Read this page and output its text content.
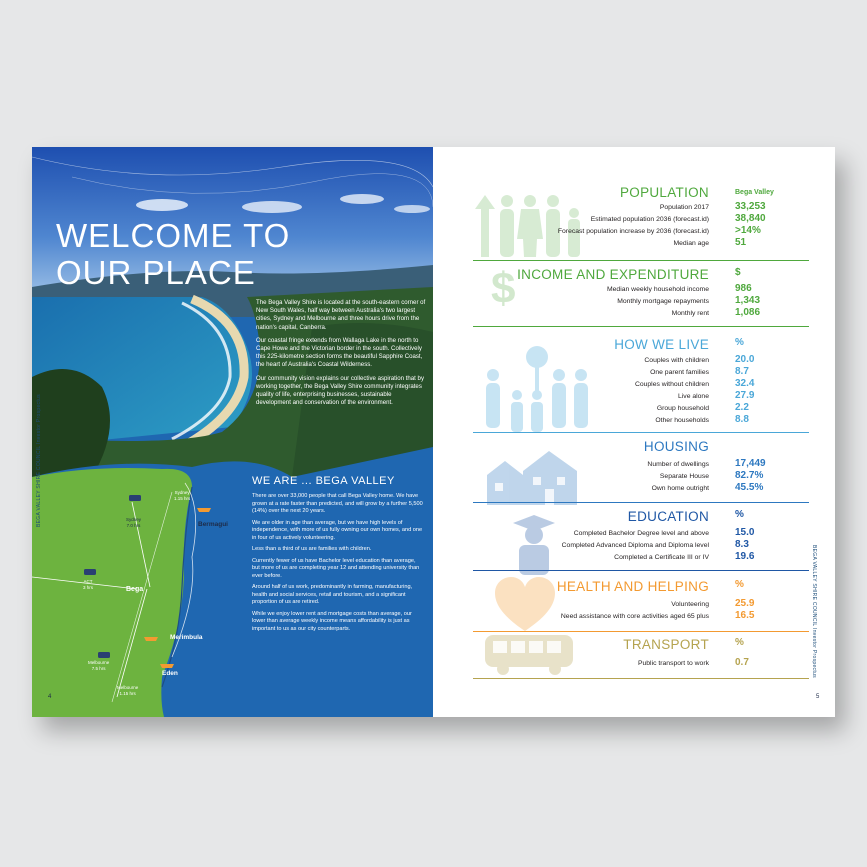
WELCOME TO
OUR PLACE

The Bega Valley Shire is located at the south-eastern corner of New South Wales, half way between Australia's two largest cities, Sydney and Melbourne and three hours drive from the nation's capital, Canberra.

Our coastal fringe extends from Wallaga Lake in the north to Cape Howe and the Victorian border in the south. Collectively this 225-kilometre section forms the beautiful Sapphire Coast, the heart of Australia's Coastal Wilderness.

Our community vision explains our collective aspiration that by working together, the Bega Valley Shire community integrates quality of life, enterprising businesses, sustainable development and conservation of the environment.

Sydney
1.15 hrs
Sydney
7.0 hrs
ACT
3 hrs
Melbourne
7.5 hrs
Melbourne
1.15 hrs
Bega
Bermagui
Merimbula
Eden
BEGA VALLEY SHIRE COUNCIL Investor Prospectus
4
WE ARE ... BEGA VALLEY

There are over 33,000 people that call Bega Valley home. We have grown at a rate faster than predicted, and will grow by a further 5,500 (14%) over the next 20 years.

We are older in age than average, but we have high levels of independence, with more of us fully owning our own homes, and one in four of us actively volunteering.

Less than a third of us are families with children.

Currently fewer of us have Bachelor level education than average, but more of us are completing year 12 and attending university than ever before.

Around half of us work, predominantly in farming, manufacturing, health and social services, retail and tourism, and a significant proportion of us are retired.

While we enjoy lower rent and mortgage costs than average, our lower than average weekly income means affordability is just as important to us as our city counterparts.

$
POPULATION	Bega Valley
Population 2017	33,253
Estimated population 2036 (forecast.id)	38,840
Forecast population increase by 2036 (forecast.id)	>14%
Median age	51
INCOME AND EXPENDITURE	$
Median weekly household income	986
Monthly mortgage repayments	1,343
Monthly rent	1,086
HOW WE LIVE	%
Couples with children	20.0
One parent families	8.7
Couples without children	32.4
Live alone	27.9
Group household	2.2
Other households	8.8
HOUSING
Number of dwellings	17,449
Separate House	82.7%
Own home outright	45.5%
EDUCATION	%
Completed Bachelor Degree level and above	15.0
Completed Advanced Diploma and Diploma level	8.3
Completed a Certificate III or IV	19.6
HEALTH AND HELPING	%
Volunteering	25.9
Need assistance with core activities aged 65 plus	16.5
TRANSPORT	%
Public transport to work	0.7	BEGA VALLEY SHIRE COUNCIL Investor Prospectus
5
